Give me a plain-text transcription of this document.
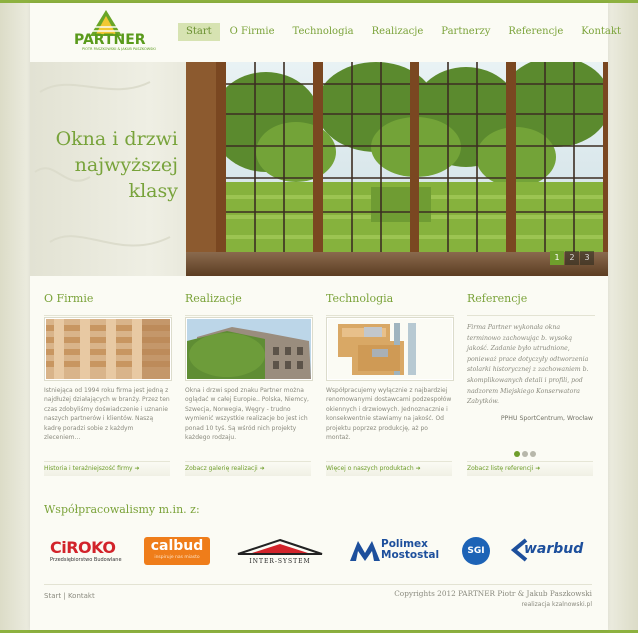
PARTNER
PIOTR PASZKOWSKI & JAKUB PASZKOWSKI
Start	O Firmie	Technologia	Realizacje	Partnerzy	Referencje	Kontakt
Okna i drzwi najwyższej klasy
1	2	3
O Firmie

Istniejąca od 1994 roku firma jest jedną z najdłużej działających w branży. Przez ten czas zdobyliśmy doświadczenie i uznanie naszych partnerów i klientów. Naszą kadrę poradzi sobie z każdym zleceniem...

Historia i teraźniejszość firmy ➜
Realizacje

Okna i drzwi spod znaku Partner można oglądać w całej Europie.. Polska, Niemcy, Szwecja, Norwegia, Węgry - trudno wymienić wszystkie realizacje bo jest ich ponad 10 tyś. Są wśród nich projekty każdego rodzaju.

Zobacz galerię realizacji ➜
Technologia

Współpracujemy wyłącznie z najbardziej renomowanymi dostawcami podzespołów okiennych i drzwiowych. Jednoznacznie i konsekwentnie stawiamy na jakość. Od projektu poprzez produkcję, aż po montaż.

Więcej o naszych produktach ➜
Referencje
Firma Partner wykonała okna terminowo zachowując b. wysoką jakość. Zadanie było utrudnione, ponieważ prace dotyczyły odtworzenia stolarki historycznej z zachowaniem b. skomplikowanych detali i profili, pod nadzorem Miejskiego Konserwatora Zabytków.
PPHU SportCentrum, Wrocław
Zobacz listę referencji ➜
Współpracowalismy m.in. z:
CiROKO
Przedsiębiorstwo Budowlane
calbud
inspiruje nas miasto
INTER-SYSTEM
Polimex
Mostostal	SGI	warbud
Start | Kontakt	Copyrights 2012 PARTNER Piotr & Jakub Paszkowski
realizacja kzalnowski.pl
